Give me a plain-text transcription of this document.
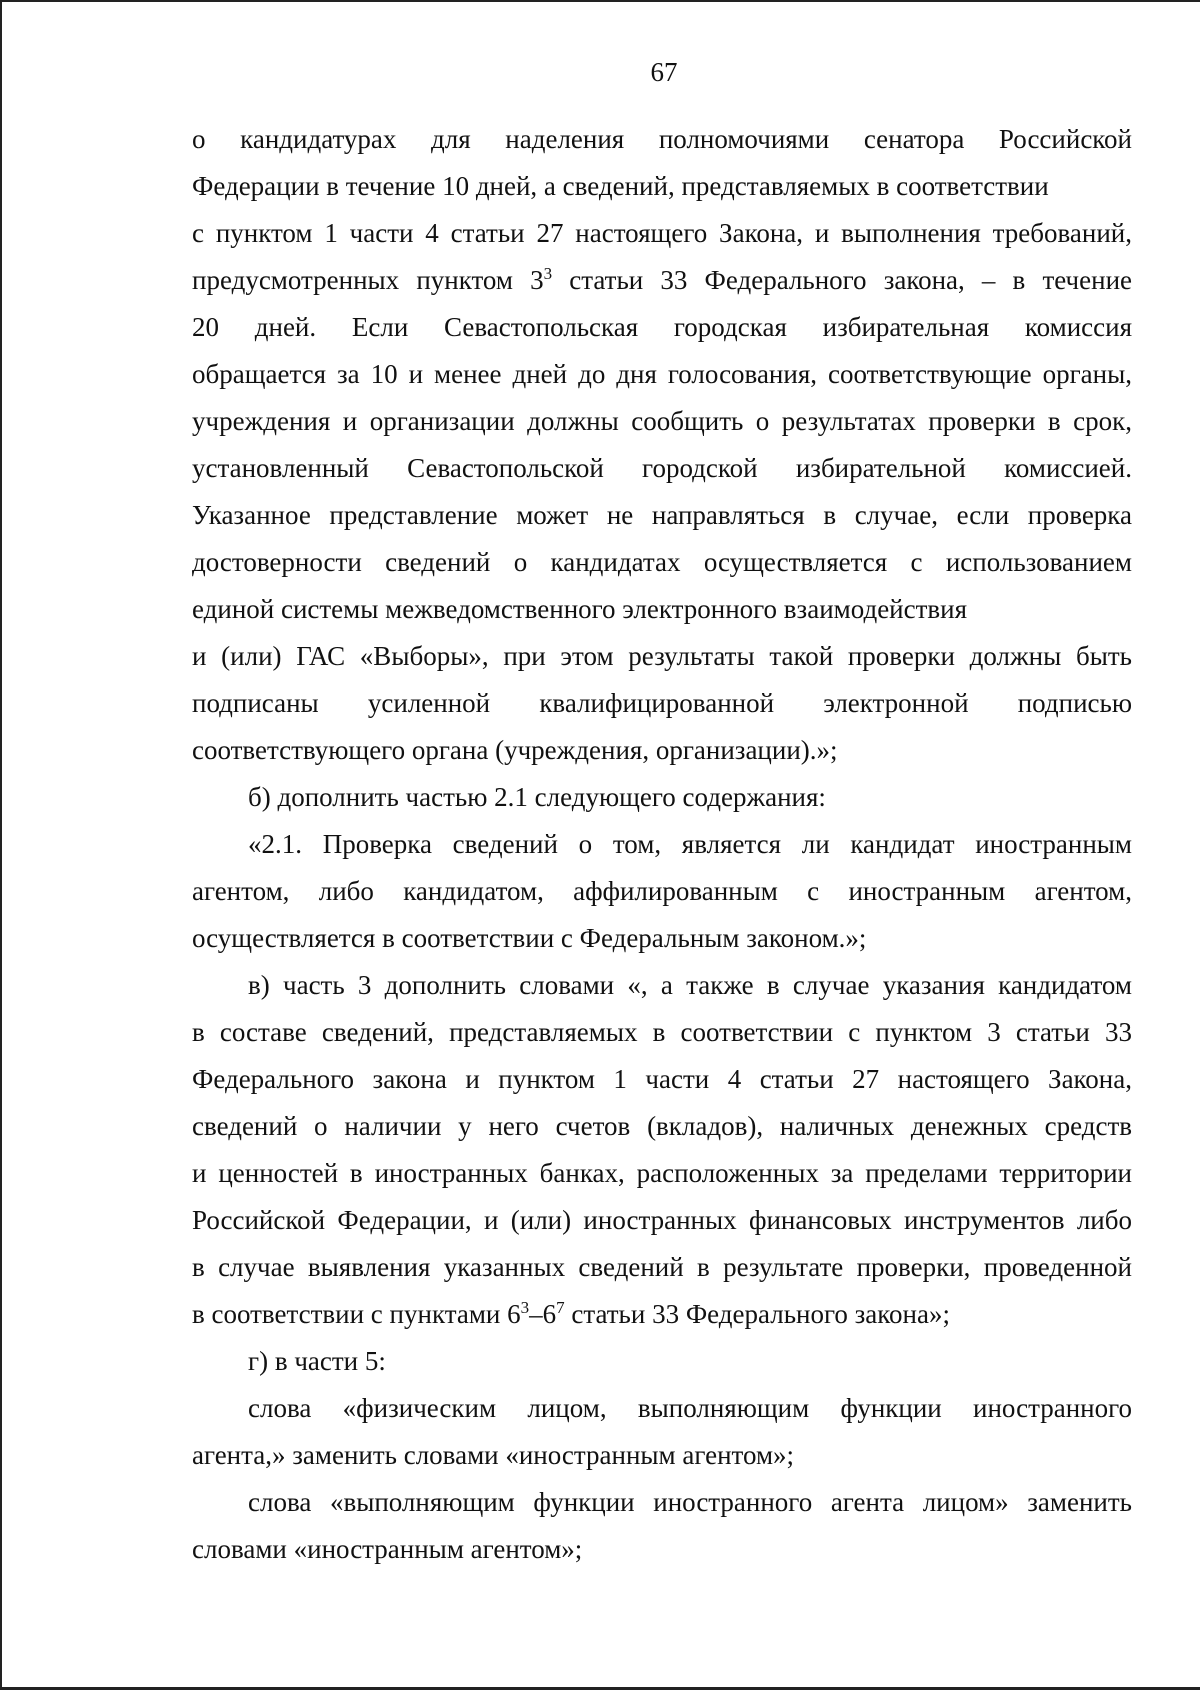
67
о кандидатурах для наделения полномочиями сенатора Российской
Федерации в течение 10 дней, а сведений, представляемых в соответствии
с пунктом 1 части 4 статьи 27 настоящего Закона, и выполнения требований,
предусмотренных пунктом $3^3$ статьи 33 Федерального закона, – в течение
20 дней. Если Севастопольская городская избирательная комиссия
обращается за 10 и менее дней до дня голосования, соответствующие органы,
учреждения и организации должны сообщить о результатах проверки в срок,
установленный Севастопольской городской избирательной комиссией.
Указанное представление может не направляться в случае, если проверка
достоверности сведений о кандидатах осуществляется с использованием
единой системы межведомственного электронного взаимодействия
и (или) ГАС «Выборы», при этом результаты такой проверки должны быть
подписаны усиленной квалифицированной электронной подписью
соответствующего органа (учреждения, организации).»;
б) дополнить частью 2.1 следующего содержания:
«2.1. Проверка сведений о том, является ли кандидат иностранным
агентом, либо кандидатом, аффилированным с иностранным агентом,
осуществляется в соответствии с Федеральным законом.»;
в) часть 3 дополнить словами «, а также в случае указания кандидатом
в составе сведений, представляемых в соответствии с пунктом 3 статьи 33
Федерального закона и пунктом 1 части 4 статьи 27 настоящего Закона,
сведений о наличии у него счетов (вкладов), наличных денежных средств
и ценностей в иностранных банках, расположенных за пределами территории
Российской Федерации, и (или) иностранных финансовых инструментов либо
в случае выявления указанных сведений в результате проверки, проведенной
в соответствии с пунктами $6^3-6^7$ статьи 33 Федерального закона»;
г) в части 5:
слова «физическим лицом, выполняющим функции иностранного
агента,» заменить словами «иностранным агентом»;
слова «выполняющим функции иностранного агента лицом» заменить
словами «иностранным агентом»;
